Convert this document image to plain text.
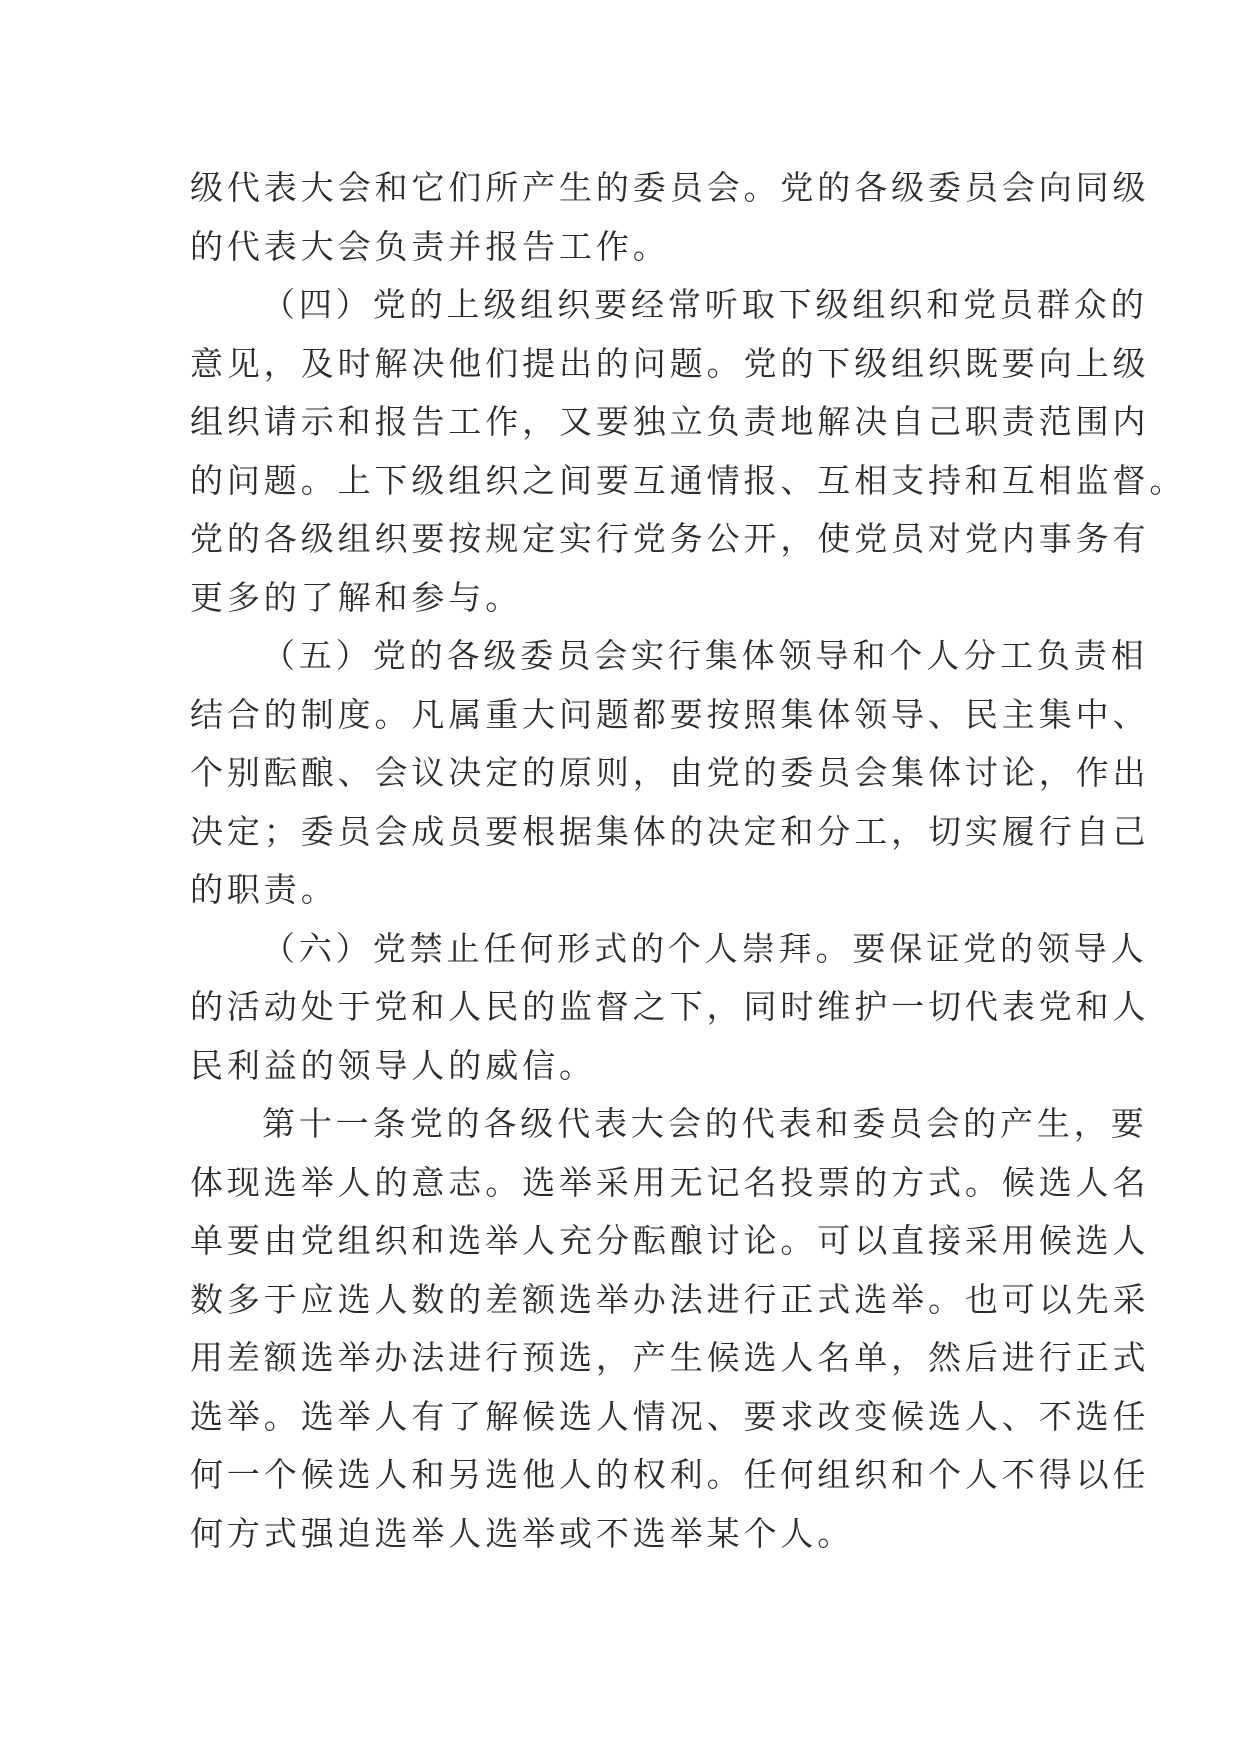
级代表大会和它们所产生的委员会。党的各级委员会向同级
的代表大会负责并报告工作。
（四）党的上级组织要经常听取下级组织和党员群众的
意见，及时解决他们提出的问题。党的下级组织既要向上级
组织请示和报告工作，又要独立负责地解决自己职责范围内
的问题。上下级组织之间要互通情报、互相支持和互相监督。
党的各级组织要按规定实行党务公开，使党员对党内事务有
更多的了解和参与。
（五）党的各级委员会实行集体领导和个人分工负责相
结合的制度。凡属重大问题都要按照集体领导、民主集中、
个别酝酿、会议决定的原则，由党的委员会集体讨论，作出
决定；委员会成员要根据集体的决定和分工，切实履行自己
的职责。
（六）党禁止任何形式的个人崇拜。要保证党的领导人
的活动处于党和人民的监督之下，同时维护一切代表党和人
民利益的领导人的威信。
第十一条党的各级代表大会的代表和委员会的产生，要
体现选举人的意志。选举采用无记名投票的方式。候选人名
单要由党组织和选举人充分酝酿讨论。可以直接采用候选人
数多于应选人数的差额选举办法进行正式选举。也可以先采
用差额选举办法进行预选，产生候选人名单，然后进行正式
选举。选举人有了解候选人情况、要求改变候选人、不选任
何一个候选人和另选他人的权利。任何组织和个人不得以任
何方式强迫选举人选举或不选举某个人。
